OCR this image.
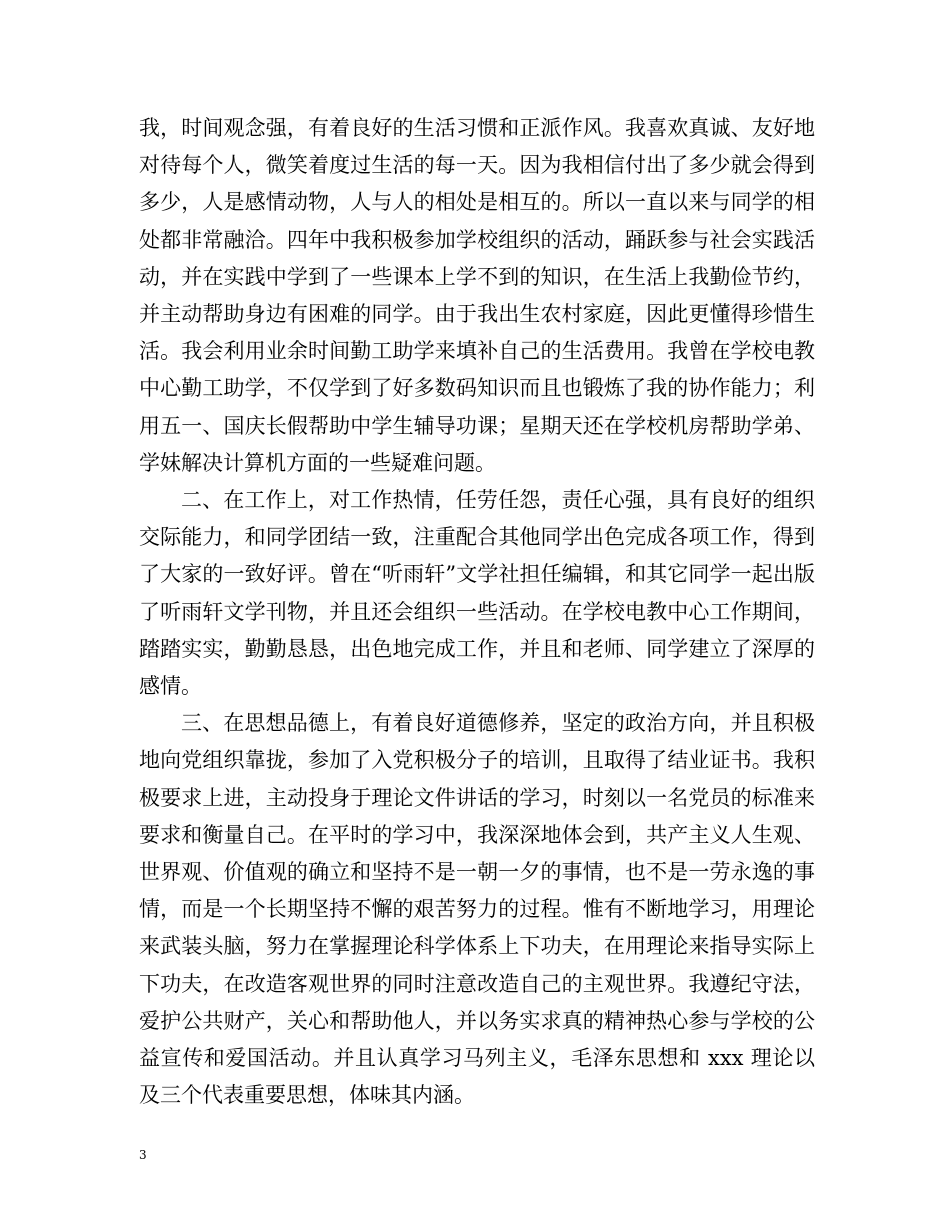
我，时间观念强，有着良好的生活习惯和正派作风。我喜欢真诚、友好地对待每个人，微笑着度过生活的每一天。因为我相信付出了多少就会得到多少，人是感情动物，人与人的相处是相互的。所以一直以来与同学的相处都非常融洽。四年中我积极参加学校组织的活动，踊跃参与社会实践活动，并在实践中学到了一些课本上学不到的知识，在生活上我勤俭节约，并主动帮助身边有困难的同学。由于我出生农村家庭，因此更懂得珍惜生活。我会利用业余时间勤工助学来填补自己的生活费用。我曾在学校电教中心勤工助学，不仅学到了好多数码知识而且也锻炼了我的协作能力；利用五一、国庆长假帮助中学生辅导功课；星期天还在学校机房帮助学弟、学妹解决计算机方面的一些疑难问题。

二、在工作上，对工作热情，任劳任怨，责任心强，具有良好的组织交际能力，和同学团结一致，注重配合其他同学出色完成各项工作，得到了大家的一致好评。曾在“听雨轩”文学社担任编辑，和其它同学一起出版了听雨轩文学刊物，并且还会组织一些活动。在学校电教中心工作期间，踏踏实实，勤勤恳恳，出色地完成工作，并且和老师、同学建立了深厚的感情。

三、在思想品德上，有着良好道德修养，坚定的政治方向，并且积极地向党组织靠拢，参加了入党积极分子的培训，且取得了结业证书。我积极要求上进，主动投身于理论文件讲话的学习，时刻以一名党员的标准来要求和衡量自己。在平时的学习中，我深深地体会到，共产主义人生观、世界观、价值观的确立和坚持不是一朝一夕的事情，也不是一劳永逸的事情，而是一个长期坚持不懈的艰苦努力的过程。惟有不断地学习，用理论来武装头脑，努力在掌握理论科学体系上下功夫，在用理论来指导实际上下功夫，在改造客观世界的同时注意改造自己的主观世界。我遵纪守法，爱护公共财产，关心和帮助他人，并以务实求真的精神热心参与学校的公益宣传和爱国活动。并且认真学习马列主义，毛泽东思想和 xxx 理论以及三个代表重要思想，体味其内涵。

3
